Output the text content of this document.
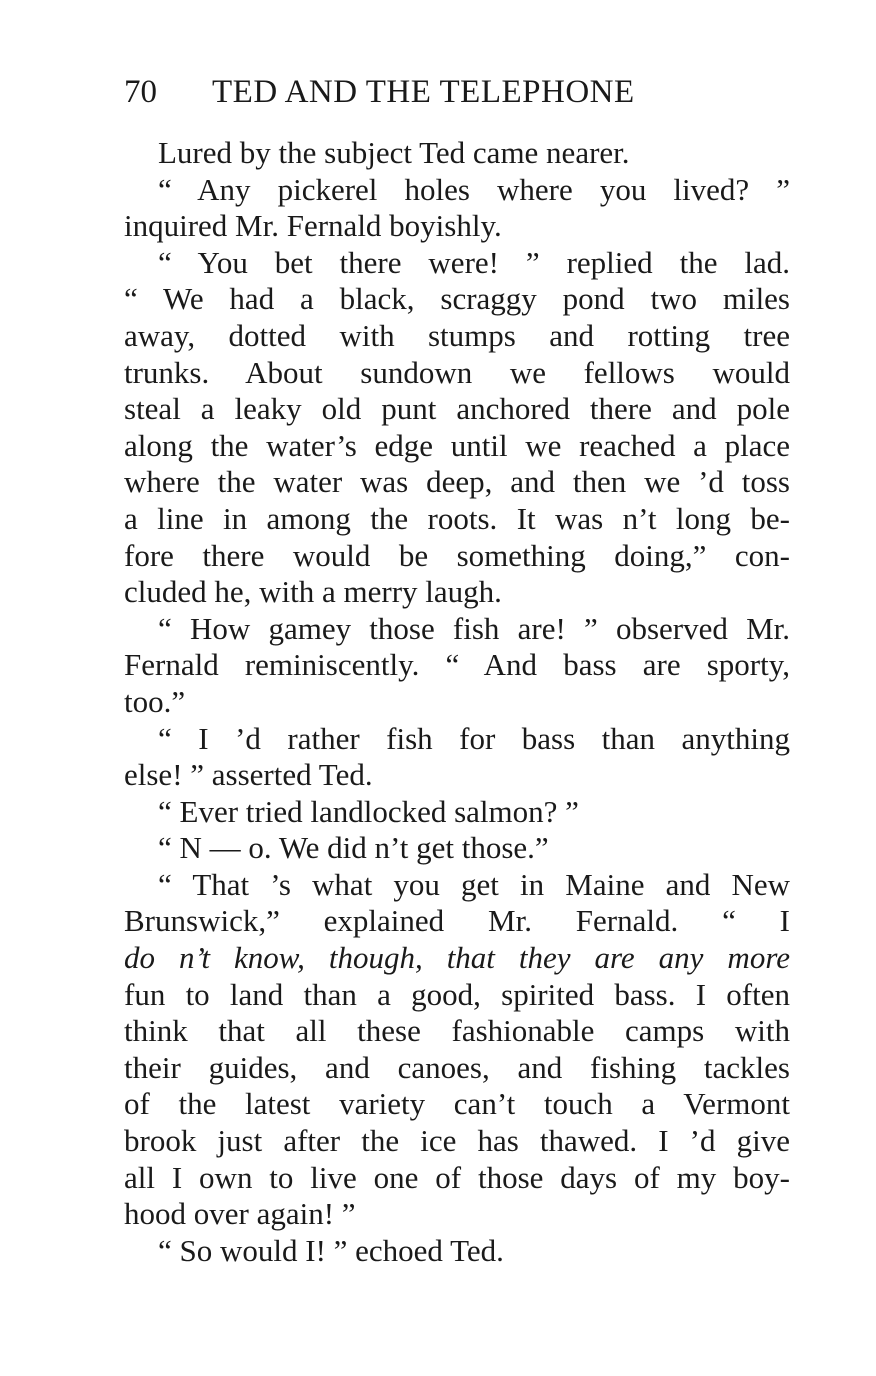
70 TED AND THE TELEPHONE
Lured by the subject Ted came nearer.
“ Any pickerel holes where you lived? ”
inquired Mr. Fernald boyishly.
“ You bet there were! ” replied the lad.
“ We had a black, scraggy pond two miles
away, dotted with stumps and rotting tree
trunks. About sundown we fellows would
steal a leaky old punt anchored there and pole
along the water’s edge until we reached a place
where the water was deep, and then we ’d toss
a line in among the roots. It was n’t long be-
fore there would be something doing,” con-
cluded he, with a merry laugh.
“ How gamey those fish are! ” observed Mr.
Fernald reminiscently. “ And bass are sporty,
too.”
“ I ’d rather fish for bass than anything
else! ” asserted Ted.
“ Ever tried landlocked salmon? ”
“ N — o. We did n’t get those.”
“ That ’s what you get in Maine and New
Brunswick,” explained Mr. Fernald. “ I
do n’t know, though, that they are any more
fun to land than a good, spirited bass. I often
think that all these fashionable camps with
their guides, and canoes, and fishing tackles
of the latest variety can’t touch a Vermont
brook just after the ice has thawed. I ’d give
all I own to live one of those days of my boy-
hood over again! ”
“ So would I! ” echoed Ted.
